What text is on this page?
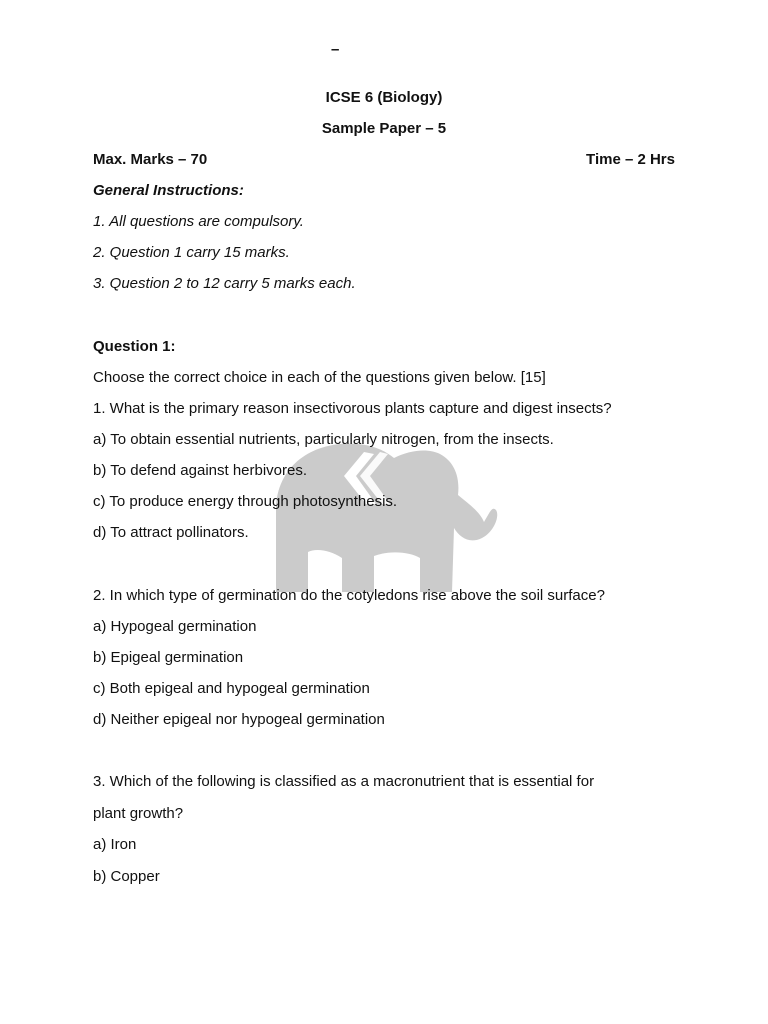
–
ICSE 6 (Biology)
Sample Paper – 5
Max. Marks – 70	Time – 2 Hrs
General Instructions:
1. All questions are compulsory.
2. Question 1 carry 15 marks.
3. Question 2 to 12 carry 5 marks each.
Question 1:
Choose the correct choice in each of the questions given below. [15]
1. What is the primary reason insectivorous plants capture and digest insects?
a) To obtain essential nutrients, particularly nitrogen, from the insects.
b) To defend against herbivores.
c) To produce energy through photosynthesis.
d) To attract pollinators.
2. In which type of germination do the cotyledons rise above the soil surface?
a) Hypogeal germination
b) Epigeal germination
c) Both epigeal and hypogeal germination
d) Neither epigeal nor hypogeal germination
3. Which of the following is classified as a macronutrient that is essential for
plant growth?
a) Iron
b) Copper
